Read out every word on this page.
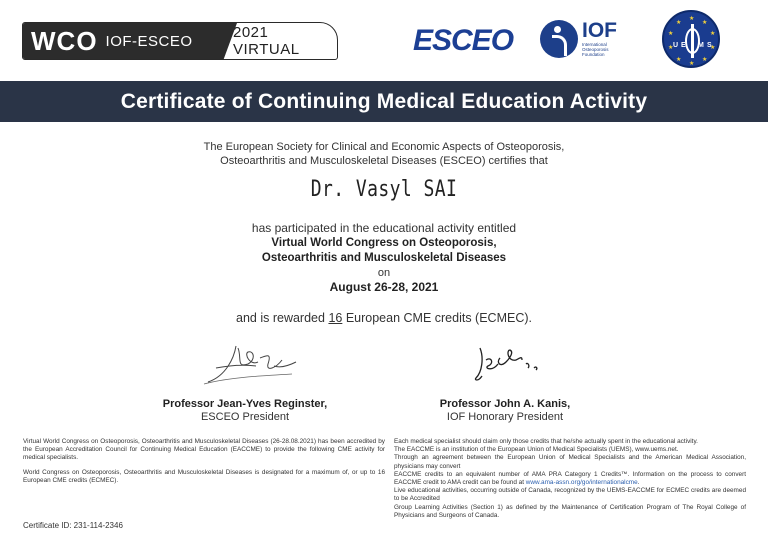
WCO IOF-ESCEO	2021 VIRTUAL	ESCEO	IOF
International Osteoporosis Foundation
★
★
★
★
★
★
★
★
★
★
U E M S
Certificate of Continuing Medical Education Activity
The European Society for Clinical and Economic Aspects of Osteoporosis,
Osteoarthritis and Musculoskeletal Diseases (ESCEO) certifies that
Dr. Vasyl SAI
has participated in the educational activity entitled
Virtual World Congress on Osteoporosis,
Osteoarthritis and Musculoskeletal Diseases
on
August 26-28, 2021
and is rewarded 16 European CME credits (ECMEC).
Professor Jean-Yves Reginster,
ESCEO President
Professor John A. Kanis,
IOF Honorary President

Virtual World Congress on Osteoporosis, Osteoarthritis and Musculoskeletal Diseases (26-28.08.2021) has been accredited by the European Accreditation Council for Continuing Medical Education (EACCME) to provide the following CME activity for medical specialists.

World Congress on Osteoporosis, Osteoarthritis and Musculoskeletal Diseases is designated for a maximum of, or up to 16 European CME credits (ECMEC).

Each medical specialist should claim only those credits that he/she actually spent in the educational activity.
The EACCME is an institution of the European Union of Medical Specialists (UEMS), www.uems.net.
Through an agreement between the European Union of Medical Specialists and the American Medical Association, physicians may convert
EACCME credits to an equivalent number of AMA PRA Category 1 Credits™. Information on the process to convert EACCME credit to AMA credit can be found at www.ama-assn.org/go/internationalcme.
Live educational activities, occurring outside of Canada, recognized by the UEMS-EACCME for ECMEC credits are deemed to be Accredited
Group Learning Activities (Section 1) as defined by the Maintenance of Certification Program of The Royal College of Physicians and Surgeons of Canada.
Certificate ID: 231-114-2346
